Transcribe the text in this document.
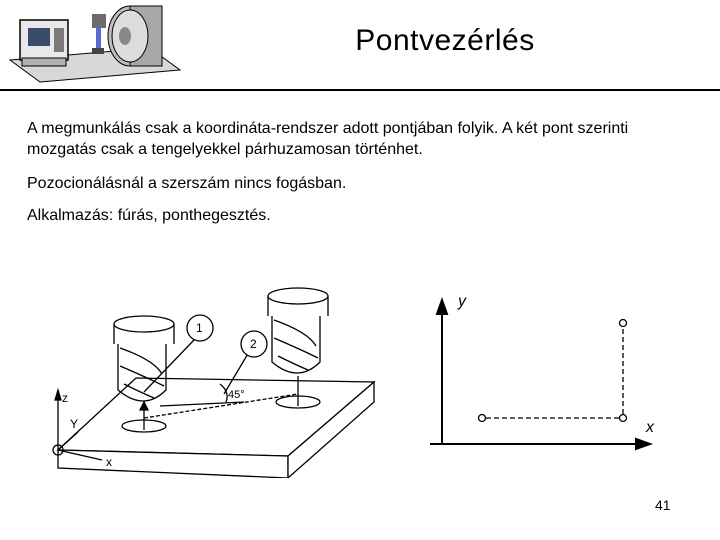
Pontvezérlés
A megmunkálás csak a koordináta-rendszer adott pontjában folyik. A két pont szerinti mozgatás csak a tengelyekkel párhuzamosan történhet.
Pozocionálásnál a szerszám nincs fogásban.
Alkalmazás: fúrás, ponthegesztés.
1
2
45°
z
Y
x
y
x
41
